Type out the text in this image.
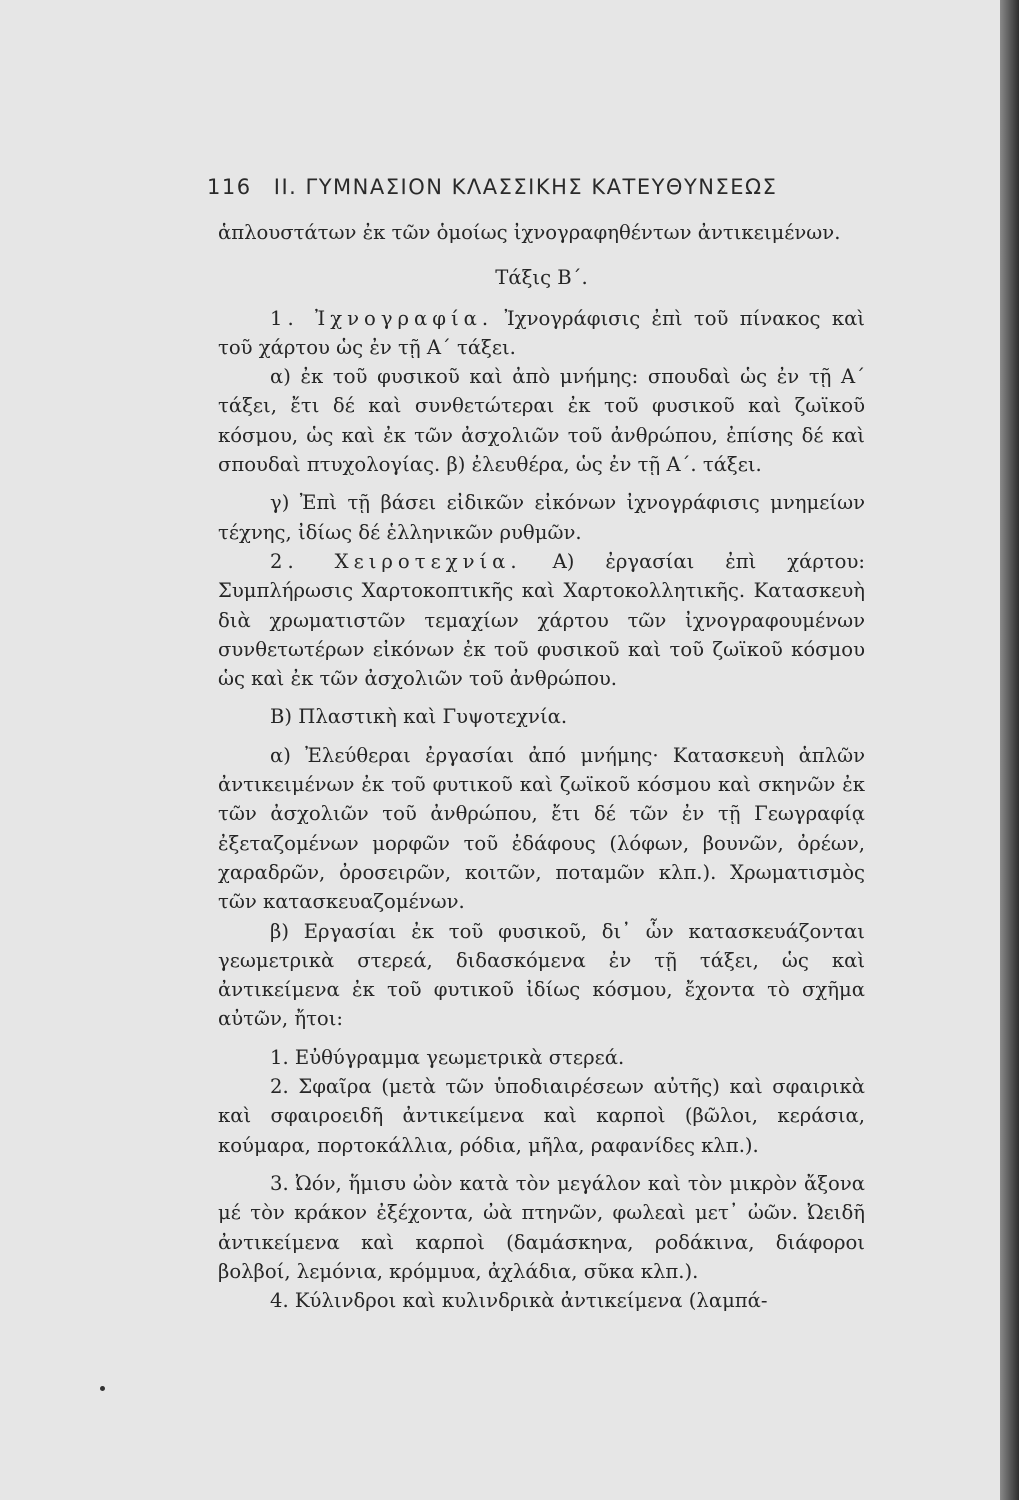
116 ΙΙ. ΓΥΜΝΑΣΙΟΝ ΚΛΑΣΣΙΚΗΣ ΚΑΤΕΥΘΥΝΣΕΩΣ

ἁπλουστάτων ἐκ τῶν ὁμοίως ἰχνογραφηθέντων ἀντικειμένων.

Τάξις Β΄.

1. Ἰχνογραφία. Ἰχνογράφισις ἐπὶ τοῦ πίνακος καὶ τοῦ χάρτου ὡς ἐν τῇ Α΄ τάξει.

α) ἐκ τοῦ φυσικοῦ καὶ ἀπὸ μνήμης: σπουδαὶ ὡς ἐν τῇ Α΄ τάξει, ἔτι δέ καὶ συνθετώτεραι ἐκ τοῦ φυσικοῦ καὶ ζωϊκοῦ κόσμου, ὡς καὶ ἐκ τῶν ἀσχολιῶν τοῦ ἀνθρώπου, ἐπίσης δέ καὶ σπουδαὶ πτυχολογίας. β) ἐλευθέρα, ὡς ἐν τῇ Α΄. τάξει.

γ) Ἐπὶ τῇ βάσει εἰδικῶν εἰκόνων ἰχνογράφισις μνημείων τέχνης, ἰδίως δέ ἑλληνικῶν ρυθμῶν.

2. Χειροτεχνία. Α) ἐργασίαι ἐπὶ χάρτου: Συμπλήρωσις Χαρτοκοπτικῆς καὶ Χαρτοκολλητικῆς. Κατασκευὴ διὰ χρωματιστῶν τεμαχίων χάρτου τῶν ἰχνογραφουμένων συνθετωτέρων εἰκόνων ἐκ τοῦ φυσικοῦ καὶ τοῦ ζωϊκοῦ κόσμου ὡς καὶ ἐκ τῶν ἀσχολιῶν τοῦ ἀνθρώπου.

Β) Πλαστικὴ καὶ Γυψοτεχνία.

α) Ἐλεύθεραι ἐργασίαι ἀπό μνήμης· Κατασκευὴ ἁπλῶν ἀντικειμένων ἐκ τοῦ φυτικοῦ καὶ ζωϊκοῦ κόσμου καὶ σκηνῶν ἐκ τῶν ἀσχολιῶν τοῦ ἀνθρώπου, ἔτι δέ τῶν ἐν τῇ Γεωγραφίᾳ ἐξεταζομένων μορφῶν τοῦ ἐδάφους (λόφων, βουνῶν, ὀρέων, χαραδρῶν, ὀροσειρῶν, κοιτῶν, ποταμῶν κλπ.). Χρωματισμὸς τῶν κατασκευαζομένων.

β) Εργασίαι ἐκ τοῦ φυσικοῦ, δι᾿ ὧν κατασκευάζονται γεωμετρικὰ στερεά, διδασκόμενα ἐν τῇ τάξει, ὡς καὶ ἀντικείμενα ἐκ τοῦ φυτικοῦ ἰδίως κόσμου, ἔχοντα τὸ σχῆμα αὐτῶν, ἤτοι:

1. Εὐθύγραμμα γεωμετρικὰ στερεά.

2. Σφαῖρα (μετὰ τῶν ὑποδιαιρέσεων αὐτῆς) καὶ σφαιρικὰ καὶ σφαιροειδῆ ἀντικείμενα καὶ καρποὶ (βῶλοι, κεράσια, κούμαρα, πορτοκάλλια, ρόδια, μῆλα, ραφανίδες κλπ.).

3. Ὠόν, ἥμισυ ὠὸν κατὰ τὸν μεγάλον καὶ τὸν μικρὸν ἄξονα μέ τὸν κράκον ἐξέχοντα, ὠὰ πτηνῶν, φωλεαὶ μετ᾿ ὠῶν. Ὠειδῆ ἀντικείμενα καὶ καρποὶ (δαμάσκηνα, ροδάκινα, διάφοροι βολβοί, λεμόνια, κρόμμυα, ἀχλάδια, σῦκα κλπ.).

4. Κύλινδροι καὶ κυλινδρικὰ ἀντικείμενα (λαμπά-
